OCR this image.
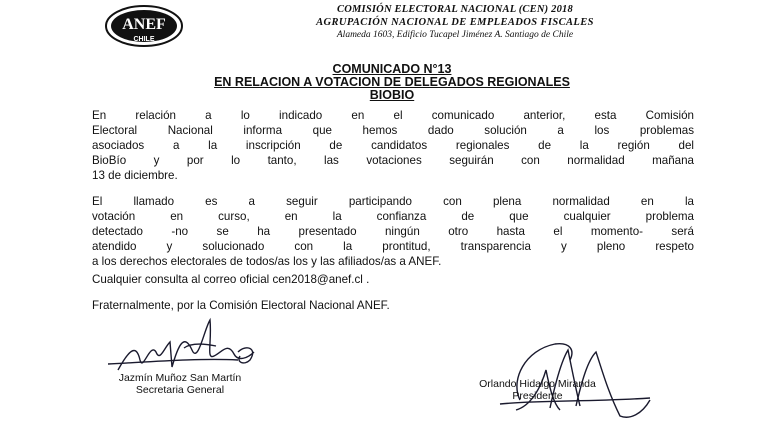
ANEF
CHILE
COMISIÓN ELECTORAL NACIONAL (CEN) 2018
AGRUPACIÓN NACIONAL DE EMPLEADOS FISCALES
Alameda 1603, Edificio Tucapel Jiménez A. Santiago de Chile
COMUNICADO N°13
EN RELACION A VOTACION DE DELEGADOS REGIONALES
BIOBIO
En relación a lo indicado en el comunicado anterior, esta Comisión
Electoral Nacional informa que hemos dado solución a los problemas
asociados a la inscripción de candidatos regionales de la región del
BioBío y por lo tanto, las votaciones seguirán con normalidad mañana
13 de diciembre.
El llamado es a seguir participando con plena normalidad en la
votación en curso, en la confianza de que cualquier problema
detectado -no se ha presentado ningún otro hasta el momento- será
atendido y solucionado con la prontitud, transparencia y pleno respeto
a los derechos electorales de todos/as los y las afiliados/as a ANEF.
Cualquier consulta al correo oficial cen2018@anef.cl .
Fraternalmente, por la Comisión Electoral Nacional ANEF.
Jazmín Muñoz San Martín
Secretaria General	Orlando Hidalgo Miranda
Presidente
